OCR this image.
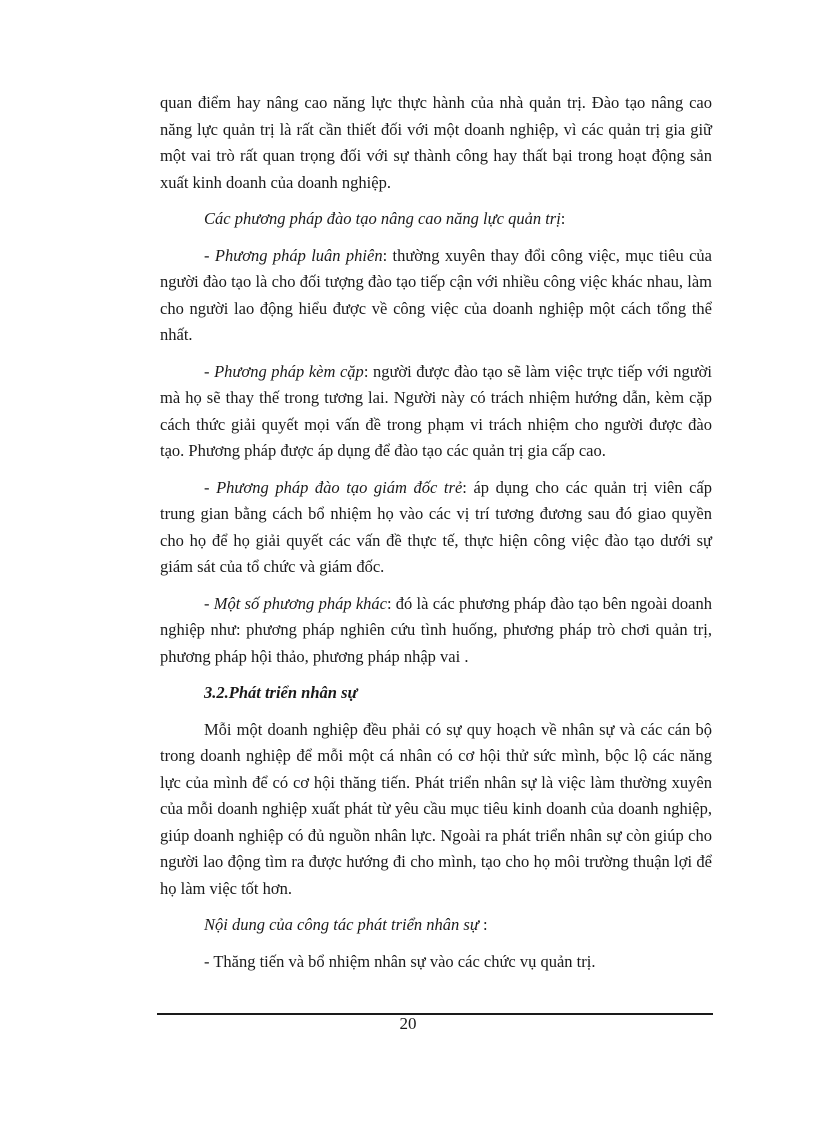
quan điểm hay nâng cao năng lực thực hành của nhà quản trị. Đào tạo nâng cao năng lực quản trị là rất cần thiết đối với một doanh nghiệp, vì các quản trị gia giữ một vai trò rất quan trọng đối với sự thành công hay thất bại trong hoạt động sản xuất kinh doanh của doanh nghiệp.

Các phương pháp đào tạo nâng cao năng lực quản trị:

- Phương pháp luân phiên: thường xuyên thay đổi công việc, mục tiêu của người đào tạo là cho đối tượng đào tạo tiếp cận với nhiều công việc khác nhau, làm cho người lao động hiểu được về công việc của doanh nghiệp một cách tổng thể nhất.

- Phương pháp kèm cặp: người được đào tạo sẽ làm việc trực tiếp với người mà họ sẽ thay thế trong tương lai. Người này có trách nhiệm hướng dẫn, kèm cặp cách thức giải quyết mọi vấn đề trong phạm vi trách nhiệm cho người được đào tạo. Phương pháp được áp dụng để đào tạo các quản trị gia cấp cao.

- Phương pháp đào tạo giám đốc trẻ: áp dụng cho các quản trị viên cấp trung gian bằng cách bổ nhiệm họ vào các vị trí tương đương sau đó giao quyền cho họ để họ giải quyết các vấn đề thực tế, thực hiện công việc đào tạo dưới sự giám sát của tổ chức và giám đốc.

- Một số phương pháp khác: đó là các phương pháp đào tạo bên ngoài doanh nghiệp như: phương pháp nghiên cứu tình huống, phương pháp trò chơi quản trị, phương pháp hội thảo, phương pháp nhập vai .

3.2.Phát triển nhân sự

Mỗi một doanh nghiệp đều phải có sự quy hoạch về nhân sự và các cán bộ trong doanh nghiệp để mỗi một cá nhân có cơ hội thử sức mình, bộc lộ các năng lực của mình để có cơ hội thăng tiến. Phát triển nhân sự là việc làm thường xuyên của mỗi doanh nghiệp xuất phát từ yêu cầu mục tiêu kinh doanh của doanh nghiệp, giúp doanh nghiệp có đủ nguồn nhân lực. Ngoài ra phát triển nhân sự còn giúp cho người lao động tìm ra được hướng đi cho mình, tạo cho họ môi trường thuận lợi để họ làm việc tốt hơn.

Nội dung của công tác phát triển nhân sự :

- Thăng tiến và bổ nhiệm nhân sự vào các chức vụ quản trị.

20
